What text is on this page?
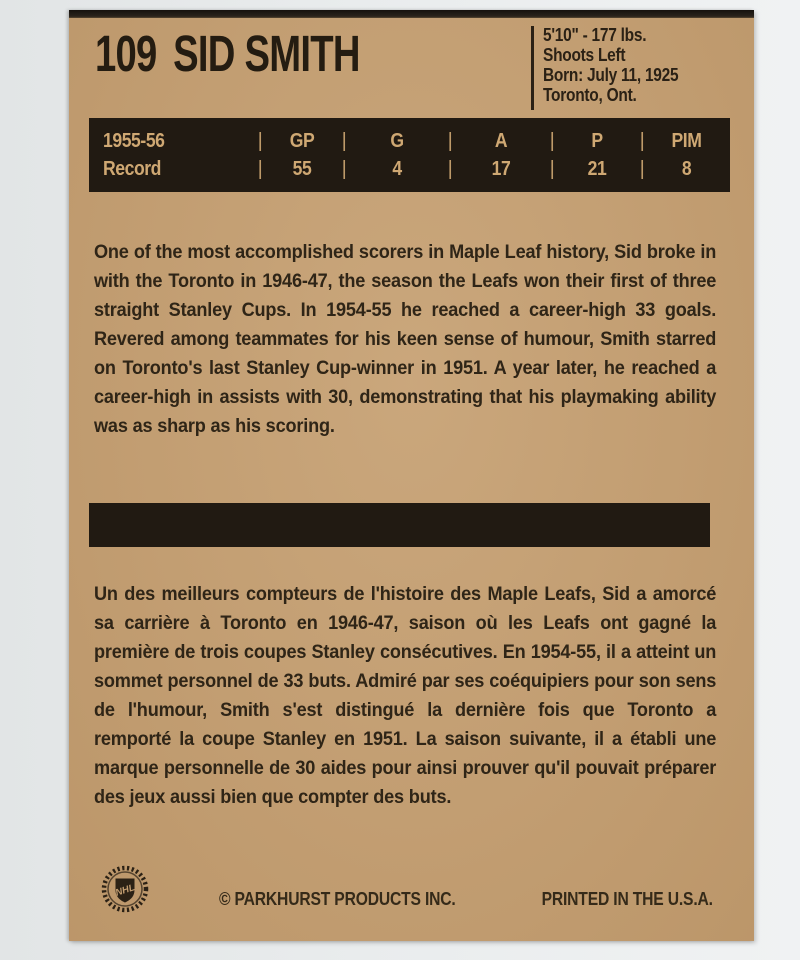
109 SID SMITH	5'10" - 177 lbs.
Shoots Left
Born: July 11, 1925
Toronto, Ont.
1955-56	|	GP	|	G	|	A	|	P	|	PIM
Record	|	55	|	4	|	17	|	21	|	8

One of the most accomplished scorers in Maple Leaf history, Sid broke in with the Toronto in 1946-47, the season the Leafs won their first of three straight Stanley Cups. In 1954-55 he reached a career-high 33 goals. Revered among teammates for his keen sense of humour, Smith starred on Toronto's last Stanley Cup-winner in 1951. A year later, he reached a career-high in assists with 30, demonstrating that his playmaking ability was as sharp as his scoring.

Un des meilleurs compteurs de l'histoire des Maple Leafs, Sid a amorcé sa carrière à Toronto en 1946-47, saison où les Leafs ont gagné la première de trois coupes Stanley consécutives. En 1954-55, il a atteint un sommet personnel de 33 buts. Admiré par ses coéquipiers pour son sens de l'humour, Smith s'est distingué la dernière fois que Toronto a remporté la coupe Stanley en 1951. La saison suivante, il a établi une marque personnelle de 30 aides pour ainsi prouver qu'il pouvait préparer des jeux aussi bien que compter des buts.

NHL	© PARKHURST PRODUCTS INC.	PRINTED IN THE U.S.A.
